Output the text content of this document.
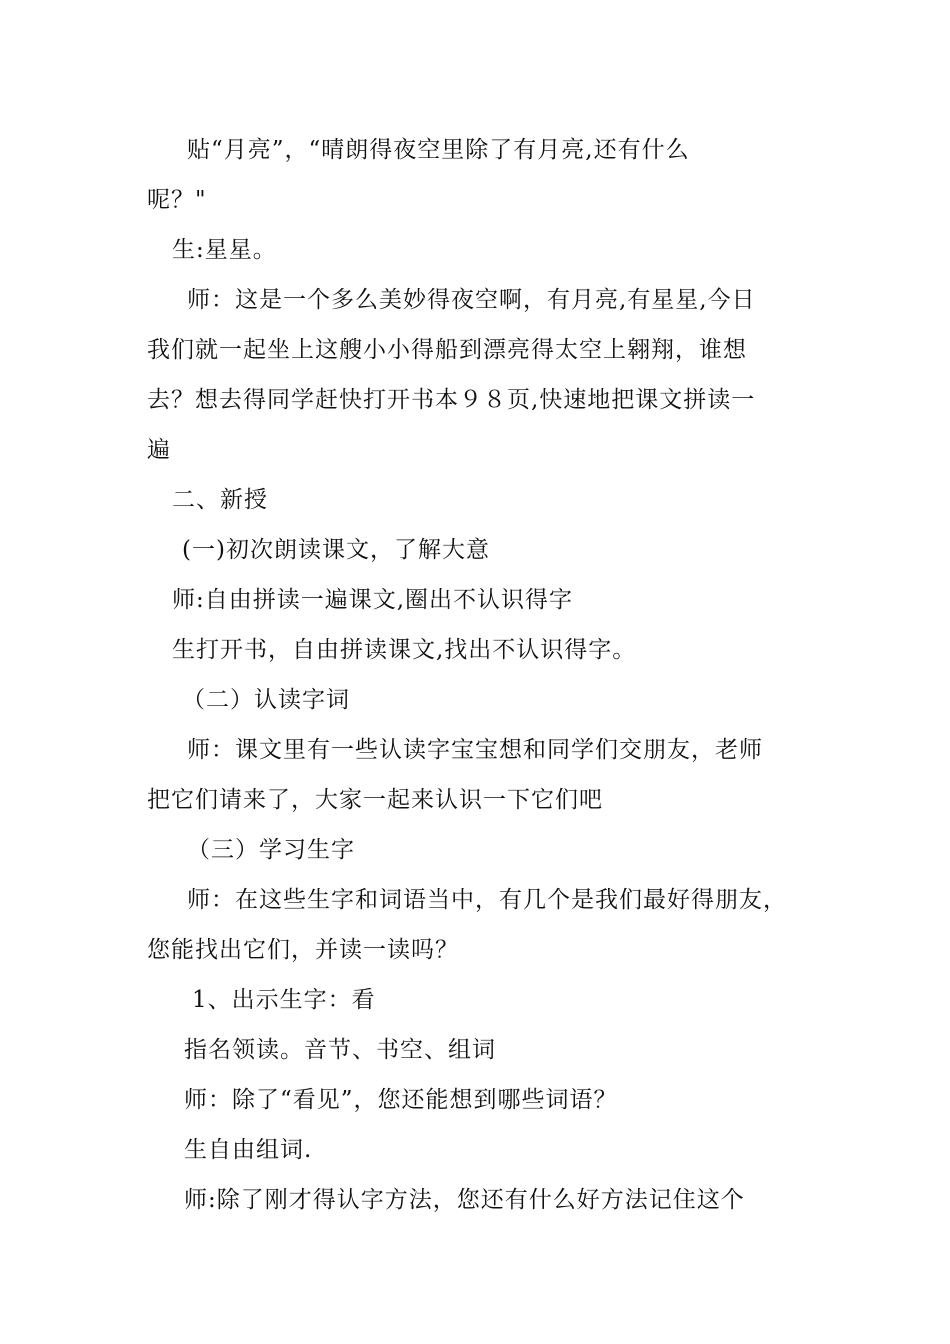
贴“月亮”，“晴朗得夜空里除了有月亮,还有什么
呢？"
生:星星。
师：这是一个多么美妙得夜空啊，有月亮,有星星,今日
我们就一起坐上这艘小小得船到漂亮得太空上翱翔，谁想
去？想去得同学赶快打开书本９８页,快速地把课文拼读一
遍
二、新授
(一)初次朗读课文，了解大意
师:自由拼读一遍课文,圈出不认识得字
生打开书，自由拼读课文,找出不认识得字。
（二）认读字词
师：课文里有一些认读字宝宝想和同学们交朋友，老师
把它们请来了，大家一起来认识一下它们吧
（三）学习生字
师：在这些生字和词语当中，有几个是我们最好得朋友，
您能找出它们，并读一读吗？
1、出示生字：看
指名领读。音节、书空、组词
师：除了“看见”，您还能想到哪些词语？
生自由组词.
师:除了刚才得认字方法，您还有什么好方法记住这个
